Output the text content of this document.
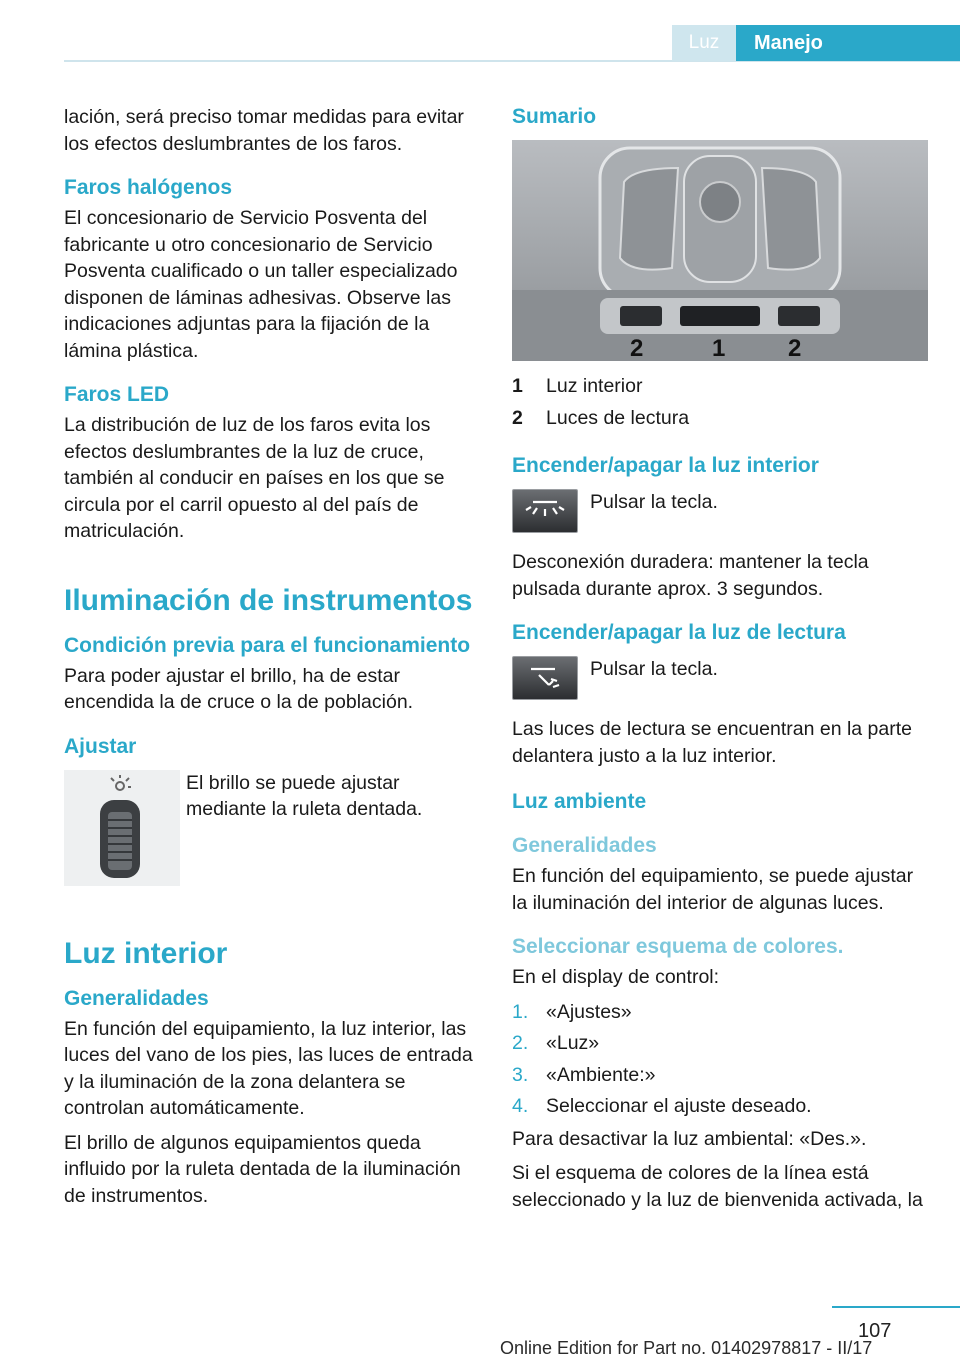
Luz	Manejo

lación, será preciso tomar medidas para evitar los efectos deslumbrantes de los faros.

Faros halógenos

El concesionario de Servicio Posventa del fabricante u otro concesionario de Servicio Posventa cualificado o un taller especializado disponen de láminas adhesivas. Observe las indicaciones adjuntas para la fijación de la lámina plástica.

Faros LED

La distribución de luz de los faros evita los efectos deslumbrantes de la luz de cruce, también al conducir en países en los que se circula por el carril opuesto al del país de matriculación.

Iluminación de instrumentos
Condición previa para el funcionamiento

Para poder ajustar el brillo, ha de estar encendida la de cruce o la de población.

Ajustar

El brillo se puede ajustar mediante la ruleta dentada.

Luz interior
Generalidades

En función del equipamiento, la luz interior, las luces del vano de los pies, las luces de entrada y la iluminación de la zona delantera se controlan automáticamente.

El brillo de algunos equipamientos queda influido por la ruleta dentada de la iluminación de instrumentos.

Sumario
2	1	2
1	Luz interior
2	Luces de lectura
Encender/apagar la luz interior

Pulsar la tecla.

Desconexión duradera: mantener la tecla pulsada durante aprox. 3 segundos.

Encender/apagar la luz de lectura

Pulsar la tecla.

Las luces de lectura se encuentran en la parte delantera justo a la luz interior.

Luz ambiente
Generalidades

En función del equipamiento, se puede ajustar la iluminación del interior de algunas luces.

Seleccionar esquema de colores.

En el display de control:

1. «Ajustes»
2. «Luz»
3. «Ambiente:»
4. Seleccionar el ajuste deseado.

Para desactivar la luz ambiental: «Des.».

Si el esquema de colores de la línea está seleccionado y la luz de bienvenida activada, la

107
Online Edition for Part no. 01402978817 - II/17
